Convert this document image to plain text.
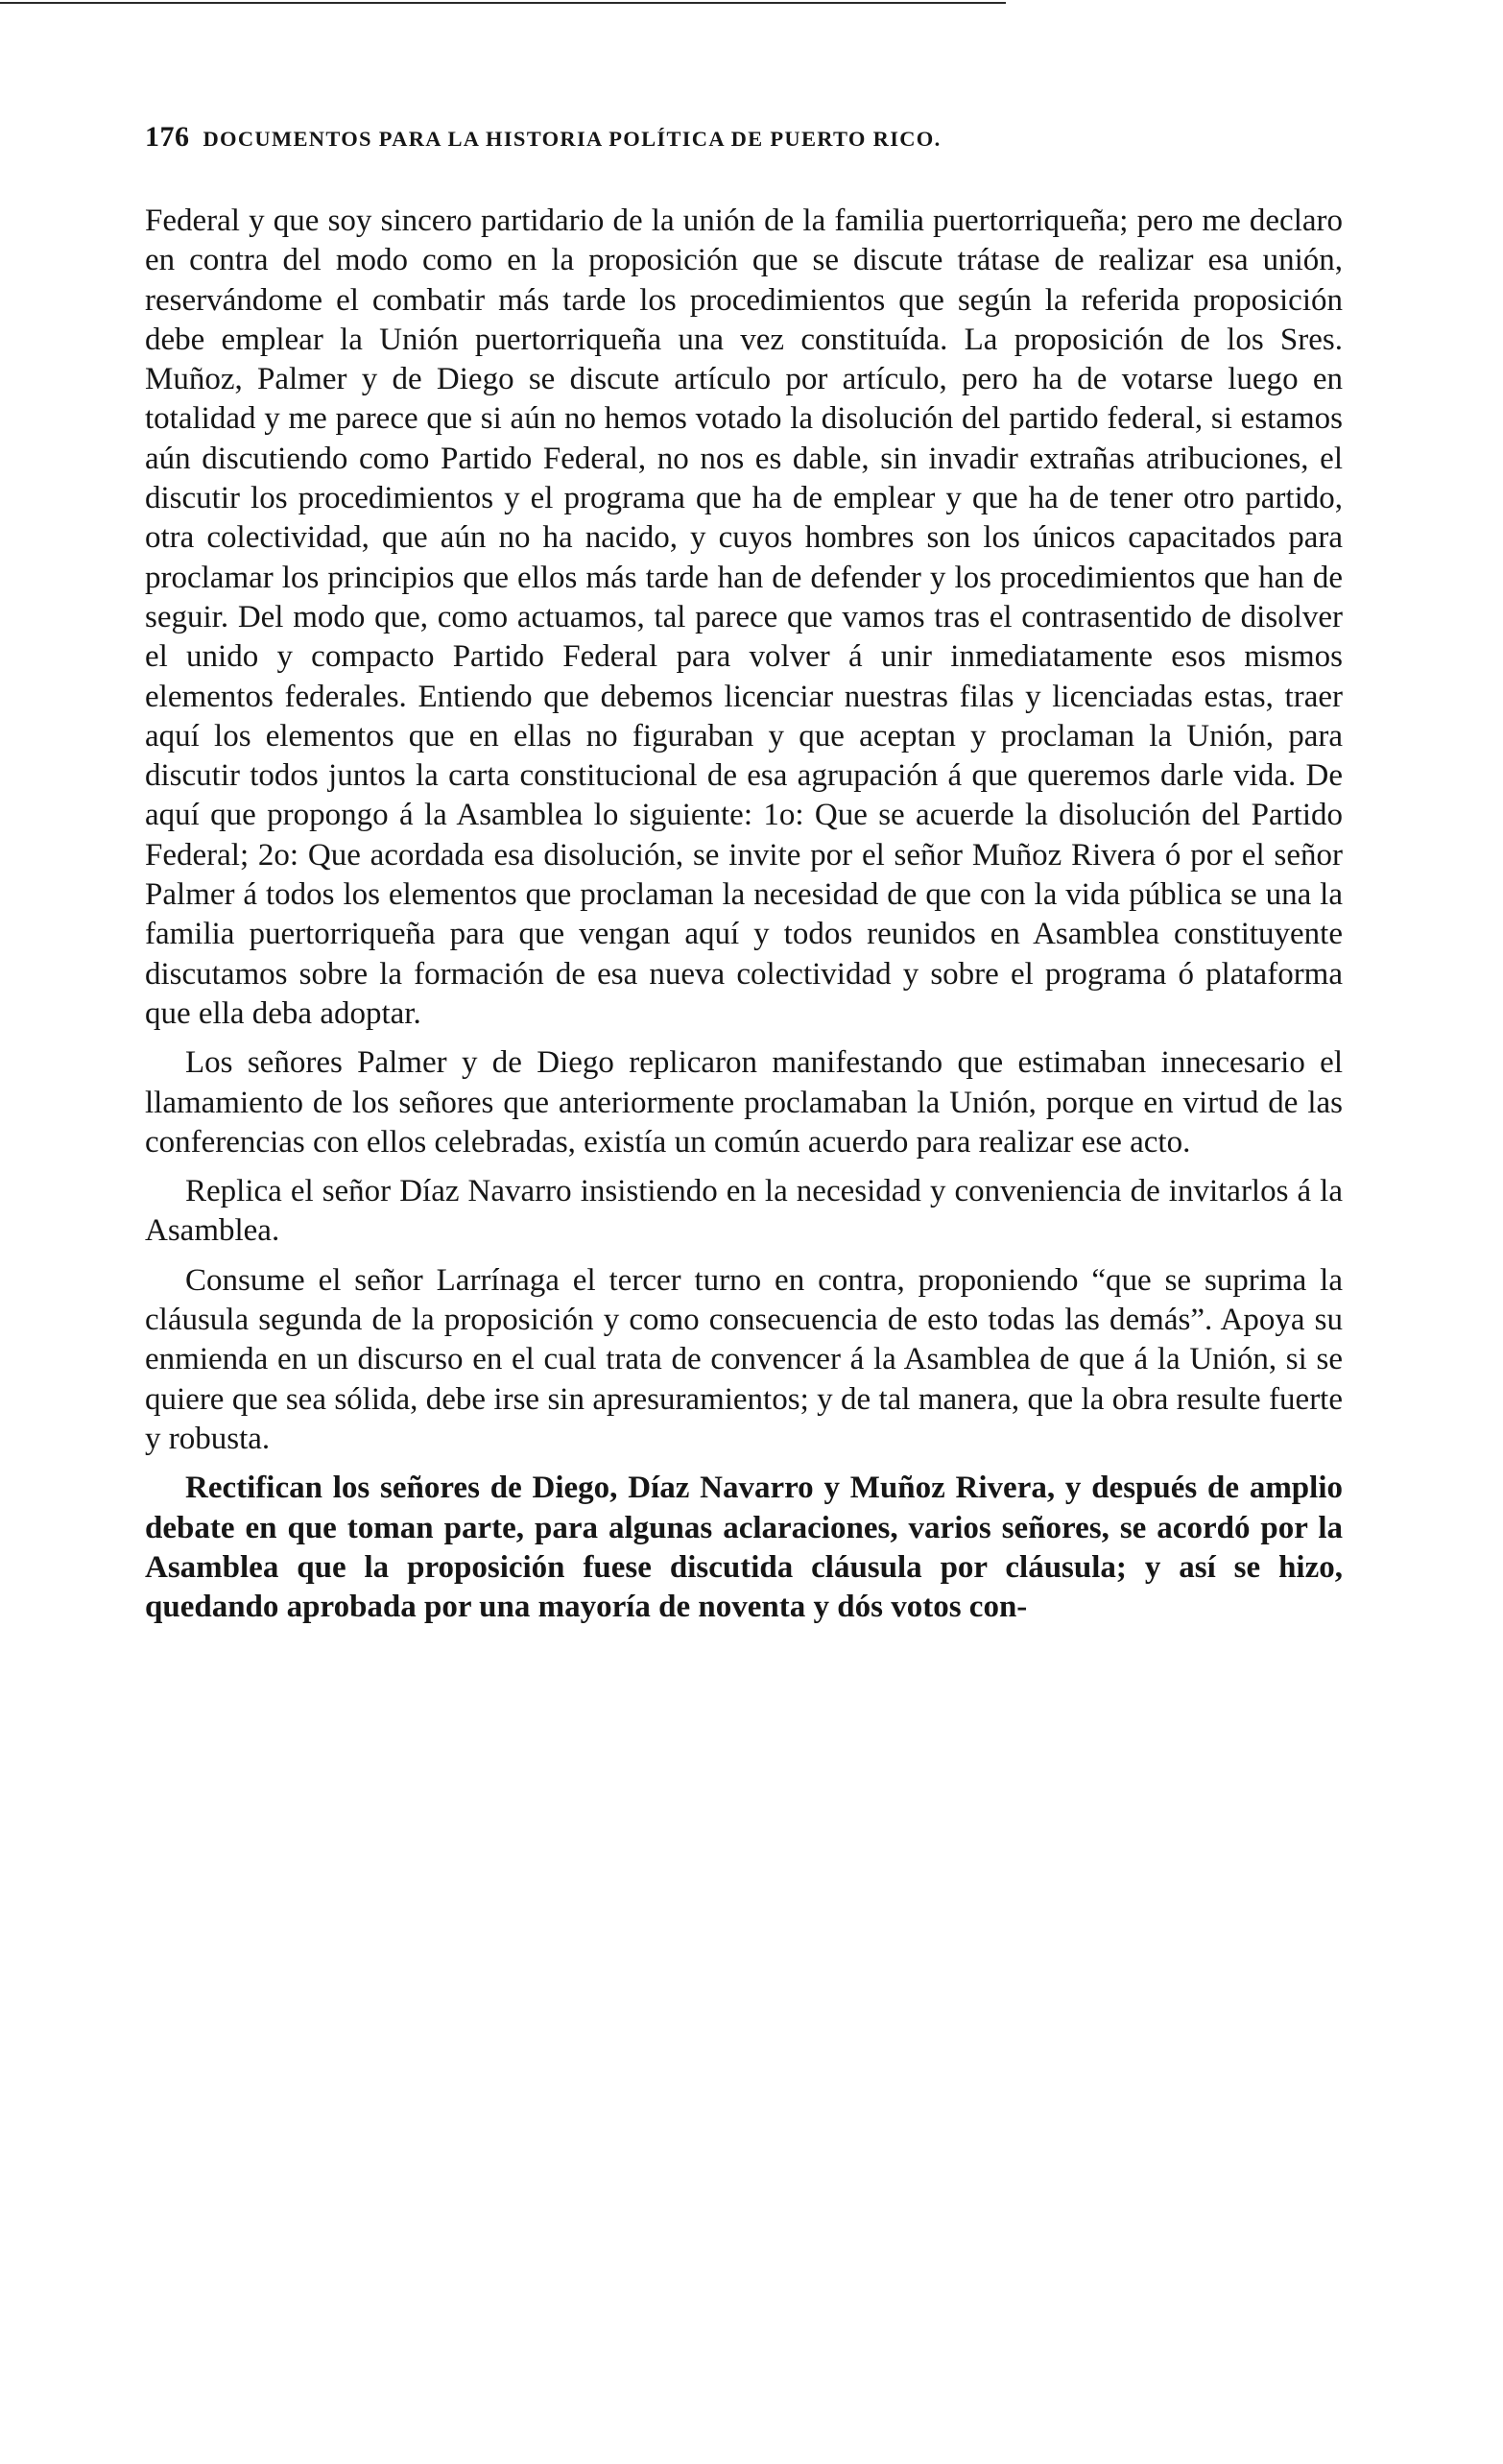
176 DOCUMENTOS PARA LA HISTORIA POLÍTICA DE PUERTO RICO.

Federal y que soy sincero partidario de la unión de la familia puertorriqueña; pero me declaro en contra del modo como en la proposición que se discute trátase de realizar esa unión, reservándome el combatir más tarde los procedimientos que según la referida proposición debe emplear la Unión puertorriqueña una vez constituída. La proposición de los Sres. Muñoz, Palmer y de Diego se discute artículo por artículo, pero ha de votarse luego en totalidad y me parece que si aún no hemos votado la disolución del partido federal, si estamos aún discutiendo como Partido Federal, no nos es dable, sin invadir extrañas atribuciones, el discutir los procedimientos y el programa que ha de emplear y que ha de tener otro partido, otra colectividad, que aún no ha nacido, y cuyos hombres son los únicos capacitados para proclamar los principios que ellos más tarde han de defender y los procedimientos que han de seguir. Del modo que, como actuamos, tal parece que vamos tras el contrasentido de disolver el unido y compacto Partido Federal para volver á unir inmediatamente esos mismos elementos federales. Entiendo que debemos licenciar nuestras filas y licenciadas estas, traer aquí los elementos que en ellas no figuraban y que aceptan y proclaman la Unión, para discutir todos juntos la carta constitucional de esa agrupación á que queremos darle vida. De aquí que propongo á la Asamblea lo siguiente: 1o: Que se acuerde la disolución del Partido Federal; 2o: Que acordada esa disolución, se invite por el señor Muñoz Rivera ó por el señor Palmer á todos los elementos que proclaman la necesidad de que con la vida pública se una la familia puertorriqueña para que vengan aquí y todos reunidos en Asamblea constituyente discutamos sobre la formación de esa nueva colectividad y sobre el programa ó plataforma que ella deba adoptar.

Los señores Palmer y de Diego replicaron manifestando que estimaban innecesario el llamamiento de los señores que anteriormente proclamaban la Unión, porque en virtud de las conferencias con ellos celebradas, existía un común acuerdo para realizar ese acto.

Replica el señor Díaz Navarro insistiendo en la necesidad y conveniencia de invitarlos á la Asamblea.

Consume el señor Larrínaga el tercer turno en contra, proponiendo “que se suprima la cláusula segunda de la proposición y como consecuencia de esto todas las demás”. Apoya su enmienda en un discurso en el cual trata de convencer á la Asamblea de que á la Unión, si se quiere que sea sólida, debe irse sin apresuramientos; y de tal manera, que la obra resulte fuerte y robusta.

Rectifican los señores de Diego, Díaz Navarro y Muñoz Rivera, y después de amplio debate en que toman parte, para algunas aclaraciones, varios señores, se acordó por la Asamblea que la proposición fuese discutida cláusula por cláusula; y así se hizo, quedando aprobada por una mayoría de noventa y dós votos con-
